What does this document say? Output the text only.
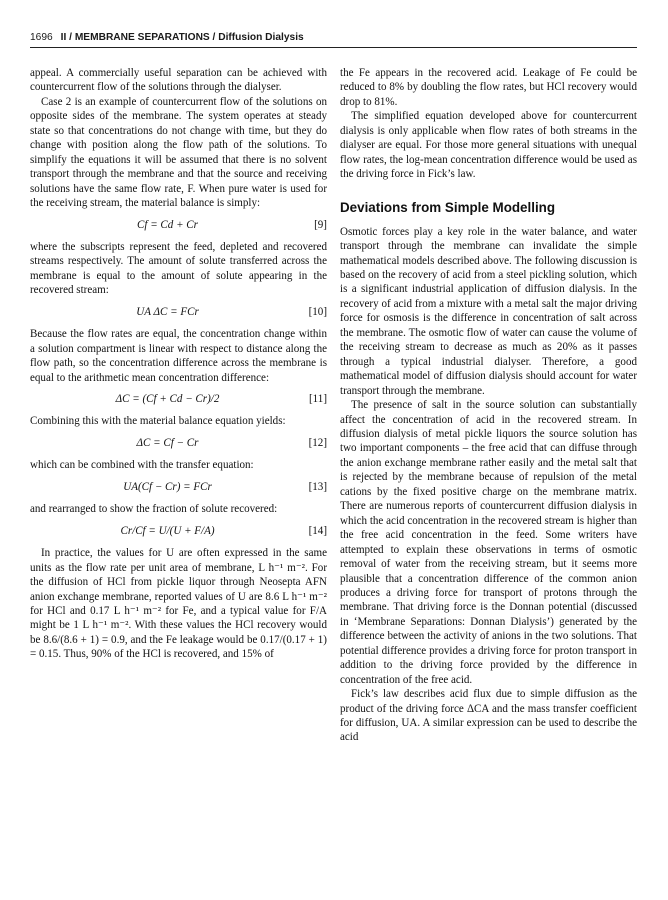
1696 II / MEMBRANE SEPARATIONS / Diffusion Dialysis

appeal. A commercially useful separation can be achieved with countercurrent flow of the solutions through the dialyser.

Case 2 is an example of countercurrent flow of the solutions on opposite sides of the membrane. The system operates at steady state so that concentrations do not change with time, but they do change with position along the flow path of the solutions. To simplify the equations it will be assumed that there is no solvent transport through the membrane and that the source and receiving solutions have the same flow rate, F. When pure water is used for the receiving stream, the material balance is simply:

Cf = Cd + Cr	[9]

where the subscripts represent the feed, depleted and recovered streams respectively. The amount of solute transferred across the membrane is equal to the amount of solute appearing in the recovered stream:

UA ΔC = FCr	[10]

Because the flow rates are equal, the concentration change within a solution compartment is linear with respect to distance along the flow path, so the concentration difference across the membrane is equal to the arithmetic mean concentration difference:

ΔC = (Cf + Cd − Cr)/2	[11]

Combining this with the material balance equation yields:

ΔC = Cf − Cr	[12]

which can be combined with the transfer equation:

UA(Cf − Cr) = FCr	[13]

and rearranged to show the fraction of solute recovered:

Cr/Cf = U/(U + F/A)	[14]

In practice, the values for U are often expressed in the same units as the flow rate per unit area of membrane, L h⁻¹ m⁻². For the diffusion of HCl from pickle liquor through Neosepta AFN anion exchange membrane, reported values of U are 8.6 L h⁻¹ m⁻² for HCl and 0.17 L h⁻¹ m⁻² for Fe, and a typical value for F/A might be 1 L h⁻¹ m⁻². With these values the HCl recovery would be 8.6/(8.6 + 1) = 0.9, and the Fe leakage would be 0.17/(0.17 + 1) = 0.15. Thus, 90% of the HCl is recovered, and 15% of

the Fe appears in the recovered acid. Leakage of Fe could be reduced to 8% by doubling the flow rates, but HCl recovery would drop to 81%.

The simplified equation developed above for countercurrent dialysis is only applicable when flow rates of both streams in the dialyser are equal. For those more general situations with unequal flow rates, the log-mean concentration difference would be used as the driving force in Fick’s law.

Deviations from Simple Modelling

Osmotic forces play a key role in the water balance, and water transport through the membrane can invalidate the simple mathematical models described above. The following discussion is based on the recovery of acid from a steel pickling solution, which is a significant industrial application of diffusion dialysis. In the recovery of acid from a mixture with a metal salt the major driving force for osmosis is the difference in concentration of salt across the membrane. The osmotic flow of water can cause the volume of the receiving stream to decrease as much as 20% as it passes through a typical industrial dialyser. Therefore, a good mathematical model of diffusion dialysis should account for water transport through the membrane.

The presence of salt in the source solution can substantially affect the concentration of acid in the recovered stream. In diffusion dialysis of metal pickle liquors the source solution has two important components – the free acid that can diffuse through the anion exchange membrane rather easily and the metal salt that is rejected by the membrane because of repulsion of the metal cations by the fixed positive charge on the membrane matrix. There are numerous reports of countercurrent diffusion dialysis in which the acid concentration in the recovered stream is higher than the free acid concentration in the feed. Some writers have attempted to explain these observations in terms of osmotic removal of water from the receiving stream, but it seems more plausible that a concentration difference of the common anion produces a driving force for transport of protons through the membrane. That driving force is the Donnan potential (discussed in ‘Membrane Separations: Donnan Dialysis’) generated by the difference between the activity of anions in the two solutions. That potential difference provides a driving force for proton transport in addition to the driving force provided by the difference in concentration of the free acid.

Fick’s law describes acid flux due to simple diffusion as the product of the driving force ΔCA and the mass transfer coefficient for diffusion, UA. A similar expression can be used to describe the acid
